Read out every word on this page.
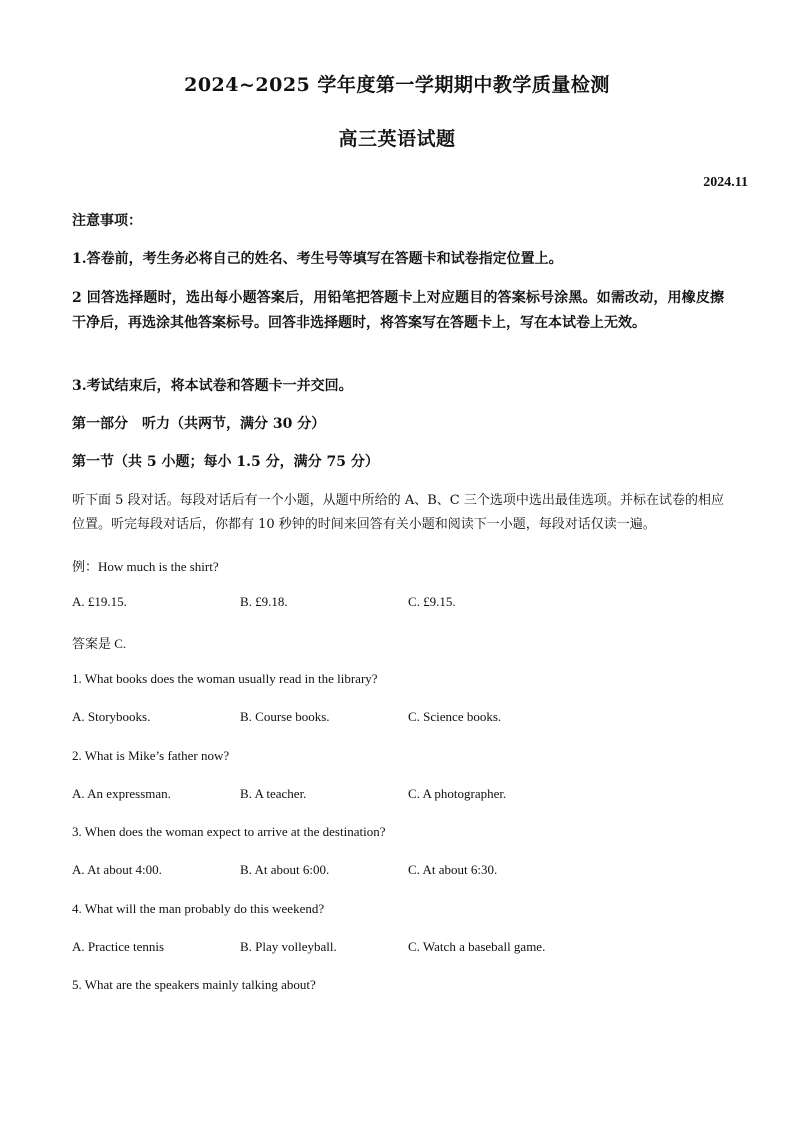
2024~2025 学年度第一学期期中教学质量检测
高三英语试题
2024.11
注意事项：
1.答卷前，考生务必将自己的姓名、考生号等填写在答题卡和试卷指定位置上。
2 回答选择题时，选出每小题答案后，用铅笔把答题卡上对应题目的答案标号涂黑。如需改动，用橡皮擦干净后，再选涂其他答案标号。回答非选择题时，将答案写在答题卡上，写在本试卷上无效。
3.考试结束后，将本试卷和答题卡一并交回。
第一部分　听力（共两节，满分 30 分）
第一节（共 5 小题；每小 1.5 分，满分 75 分）
听下面 5 段对话。每段对话后有一个小题，从题中所给的 A、B、C 三个选项中选出最佳选项。并标在试卷的相应位置。听完每段对话后，你都有 10 秒钟的时间来回答有关小题和阅读下一小题，每段对话仅读一遍。
例：How much is the shirt?
A. £19.15.	B. £9.18.	C. £9.15.
答案是 C.
1. What books does the woman usually read in the library?
A. Storybooks.	B. Course books.	C. Science books.
2. What is Mike’s father now?
A. An expressman.	B. A teacher.	C. A photographer.
3. When does the woman expect to arrive at the destination?
A. At about 4:00.	B. At about 6:00.	C. At about 6:30.
4. What will the man probably do this weekend?
A. Practice tennis	B. Play volleyball.	C. Watch a baseball game.
5. What are the speakers mainly talking about?
